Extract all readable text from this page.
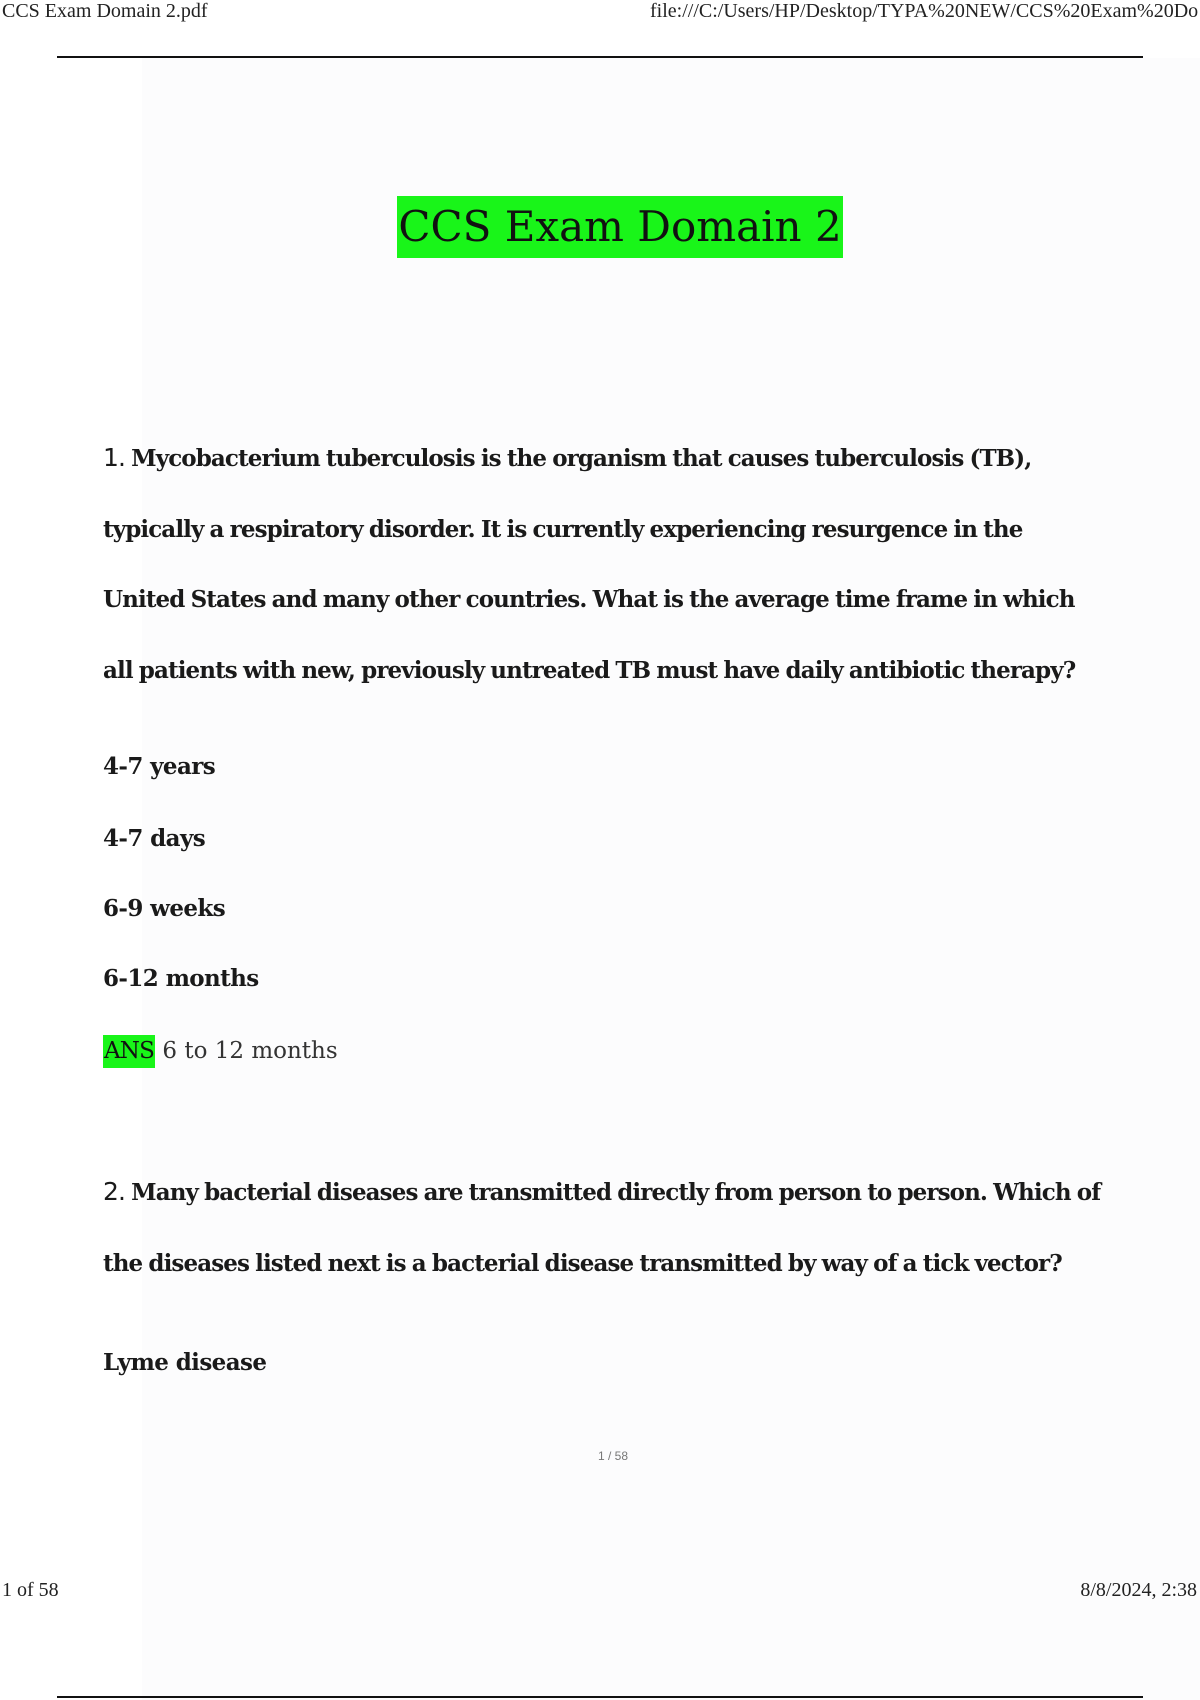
CCS Exam Domain 2.pdf	file:///C:/Users/HP/Desktop/TYPA%20NEW/CCS%20Exam%20Do
CCS Exam Domain 2
1. Mycobacterium tuberculosis is the organism that causes tuberculosis (TB), typically a respiratory disorder. It is currently experiencing resurgence in the United States and many other countries. What is the average time frame in which all patients with new, previously untreated TB must have daily antibiotic therapy?
4-7 years
4-7 days
6-9 weeks
6-12 months
ANS 6 to 12 months
2. Many bacterial diseases are transmitted directly from person to person. Which of the diseases listed next is a bacterial disease transmitted by way of a tick vector?
Lyme disease
1 / 58
1 of 58	8/8/2024, 2:38
